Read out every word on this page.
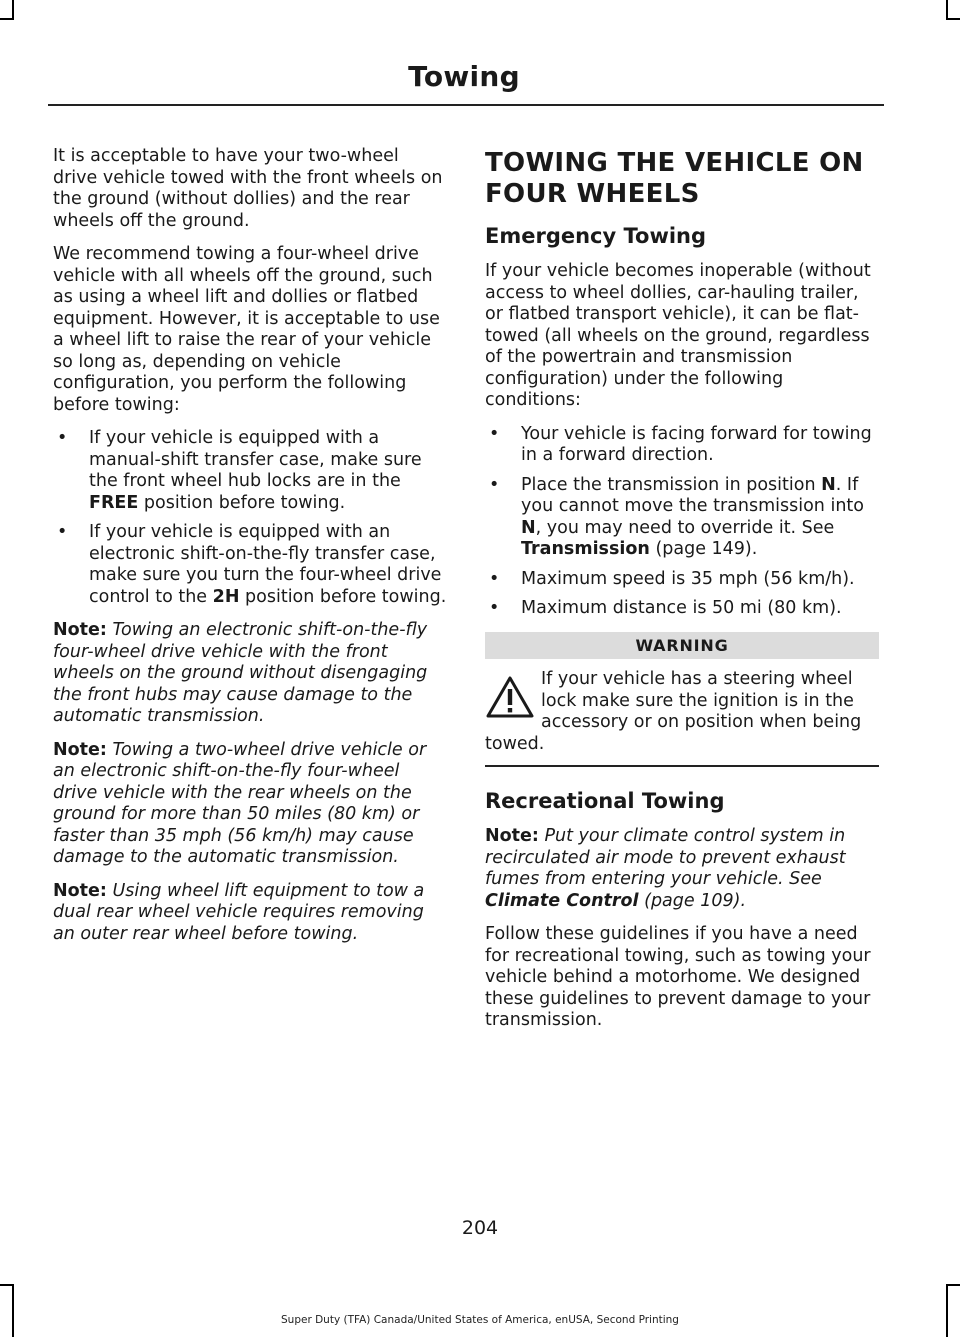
Towing

It is acceptable to have your two-wheel drive vehicle towed with the front wheels on the ground (without dollies) and the rear wheels off the ground.

We recommend towing a four-wheel drive vehicle with all wheels off the ground, such as using a wheel lift and dollies or flatbed equipment. However, it is acceptable to use a wheel lift to raise the rear of your vehicle so long as, depending on vehicle configuration, you perform the following before towing:

• If your vehicle is equipped with a manual-shift transfer case, make sure the front wheel hub locks are in the FREE position before towing.
• If your vehicle is equipped with an electronic shift-on-the-fly transfer case, make sure you turn the four-wheel drive control to the 2H position before towing.

Note: Towing an electronic shift-on-the-fly four-wheel drive vehicle with the front wheels on the ground without disengaging the front hubs may cause damage to the automatic transmission.

Note: Towing a two-wheel drive vehicle or an electronic shift-on-the-fly four-wheel drive vehicle with the rear wheels on the ground for more than 50 miles (80 km) or faster than 35 mph (56 km/h) may cause damage to the automatic transmission.

Note: Using wheel lift equipment to tow a dual rear wheel vehicle requires removing an outer rear wheel before towing.

TOWING THE VEHICLE ON FOUR WHEELS
Emergency Towing

If your vehicle becomes inoperable (without access to wheel dollies, car-hauling trailer, or flatbed transport vehicle), it can be flat-towed (all wheels on the ground, regardless of the powertrain and transmission configuration) under the following conditions:

• Your vehicle is facing forward for towing in a forward direction.
• Place the transmission in position N. If you cannot move the transmission into N, you may need to override it. See Transmission (page 149).
• Maximum speed is 35 mph (56 km/h).
• Maximum distance is 50 mi (80 km).
WARNING
If your vehicle has a steering wheel lock make sure the ignition is in the accessory or on position when being towed.
Recreational Towing

Note: Put your climate control system in recirculated air mode to prevent exhaust fumes from entering your vehicle. See Climate Control (page 109).

Follow these guidelines if you have a need for recreational towing, such as towing your vehicle behind a motorhome. We designed these guidelines to prevent damage to your transmission.

204
Super Duty (TFA) Canada/United States of America, enUSA, Second Printing
